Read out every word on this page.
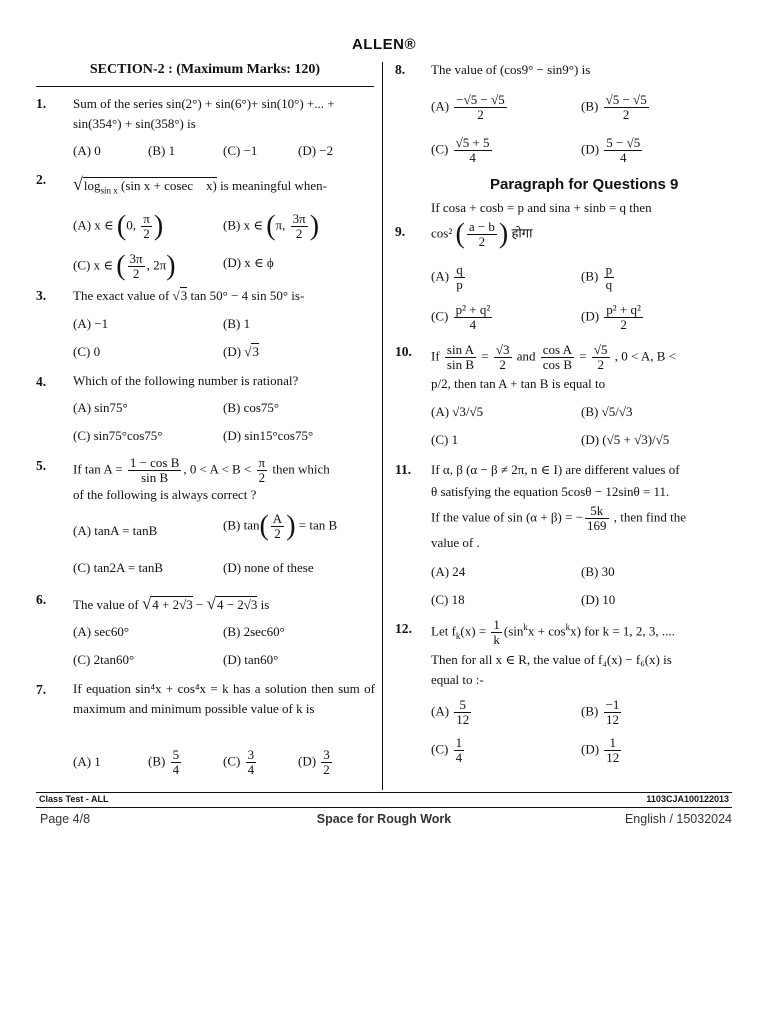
ALLEN®
SECTION-2 : (Maximum Marks: 120)
1. Sum of the series sin(2°) + sin(6°)+ sin(10°) +... + sin(354°) + sin(358°) is
(A) 0	(B) 1	(C) −1	(D) −2
2. $√\log_{sin x}$ (sin x + cosec    x) is meaningful when-
(A) x ∈ (0, $\frac{\pi}{2}$ )	(B) x ∈ (π, $\frac{3\pi}{2}$ )
(C) x ∈ ( $\frac{3\pi}{2}$ , 2π)	(D) x ∈ ϕ
3. The exact value of √3 tan 50° − 4 sin 50° is-
(A) −1	(B) 1
(C) 0	(D) √3
4. Which of the following number is rational?
(A) sin75°	(B) cos75°
(C) sin75°cos75°	(D) sin15°cos75°
5. If $\tan A = \frac{\text{1 − cos B}}{\text{sin B}}$ , $0 < A < B < \frac{\pi}{2}$ then which
of the following is always correct ?
(A) tanA = tanB	(B) $\tan( \frac{A}{2}$ ) = tan B
(C) tan2A = tanB	(D) none of these
6. The value of √4 + 2√3 − √4 − 2√3 is
(A) sec60°	(B) 2sec60°
(C) 2tan60°	(D) tan60°
7. If equation sin⁴x + cos⁴x = k has a solution then sum of maximum and minimum possible value of k is
(A) 1	$(B) \frac{5}{4}$	$(C) \frac{3}{4}$	$(D) \frac{3}{2}$
8. The value of (cos9° − sin9°) is
$(A) \frac{-√5 - √5}{2}$	$(B) \frac{√5 - √5}{2}$
$(C) \frac{√5 + 5}{4}$	$(D) \frac{5 - √5}{4}$
Paragraph for Questions 9
If cosa + cosb = p and sina + sinb = q then
9. cos² ( $\frac{a - b}{2}$ ) होगा
$(A) \frac{q}{p}$	$(B) \frac{p}{q}$
$(C) \frac{\text{p² + q²}}{4}$	$(D) \frac{\text{p² + q²}}{2}$
10. If $\frac{\text{sin A}}{\text{sin B}} = \frac{√3}{2}$ and $\frac{\text{cos A}}{\text{cos B}} = \frac{√5}{2}$ , 0 < A, B <
p/2, then tan A + tan B is equal to
(A) √3/√5	(B) √5/√3
(C) 1	(D) (√5 + √3)/√5
11. If α, β (α − β ≠ 2π, n ∈ I) are different values of
θ satisfying the equation 5cosθ − 12sinθ = 11.
If the value of sin (α + β) = − $\frac{5k}{169}$ , then find the
value of .
(A) 24	(B) 30
(C) 18	(D) 10
12. Let $f_k(x) = \frac{1}{k} (\sin^kx + \cos^kx)$ for k = 1, 2, 3, ....
Then for all x ∈ R, the value of f₄(x) − f₆(x) is
equal to :-
$(A) \frac{5}{12}$	$(B) \frac{-1}{12}$
$(C) \frac{1}{4}$	$(D) \frac{1}{12}$
Class Test - ALL	1103CJA100122013
Page 4/8	Space for Rough Work	English / 15032024
